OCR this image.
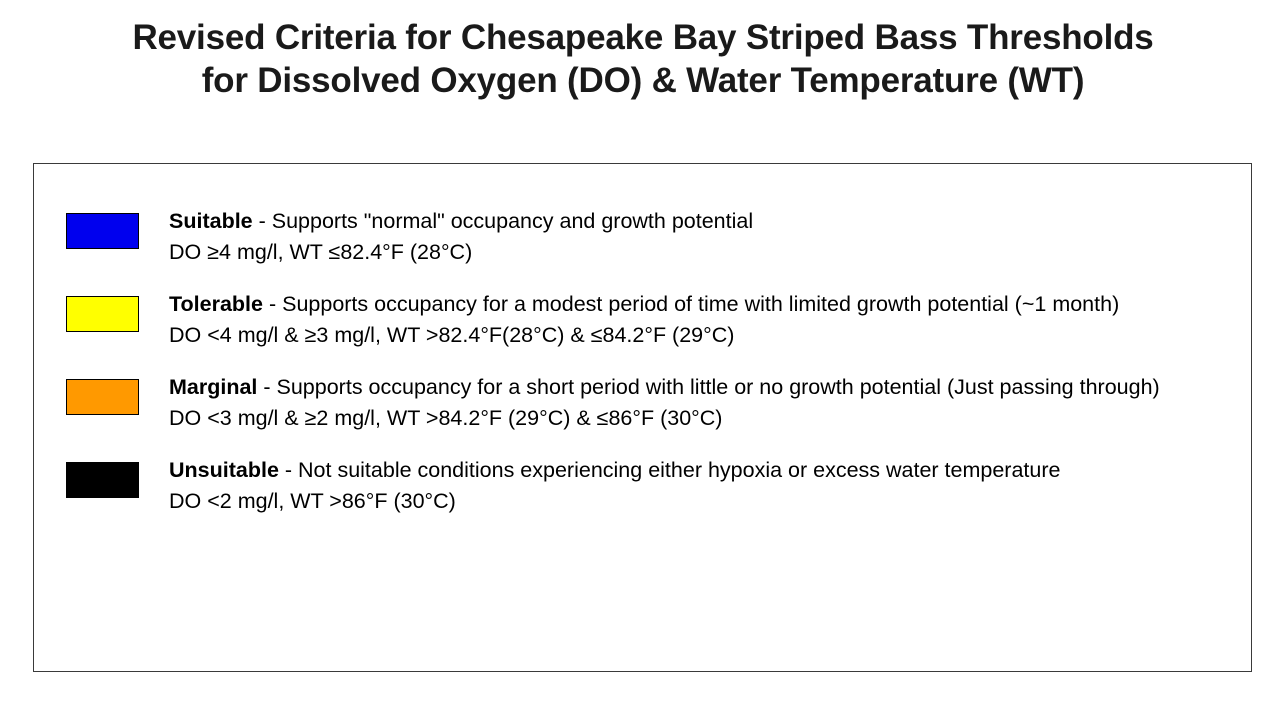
Revised Criteria for Chesapeake Bay Striped Bass Thresholds
for Dissolved Oxygen (DO) & Water Temperature (WT)
Suitable - Supports "normal" occupancy and growth potential
DO ≥4 mg/l, WT ≤82.4°F (28°C)
Tolerable - Supports occupancy for a modest period of time with limited growth potential (~1 month)
DO <4 mg/l & ≥3 mg/l, WT >82.4°F(28°C) & ≤84.2°F (29°C)
Marginal - Supports occupancy for a short period with little or no growth potential (Just passing through)
DO <3 mg/l & ≥2 mg/l, WT >84.2°F (29°C) & ≤86°F (30°C)
Unsuitable - Not suitable conditions experiencing either hypoxia or excess water temperature
DO <2 mg/l, WT >86°F (30°C)
